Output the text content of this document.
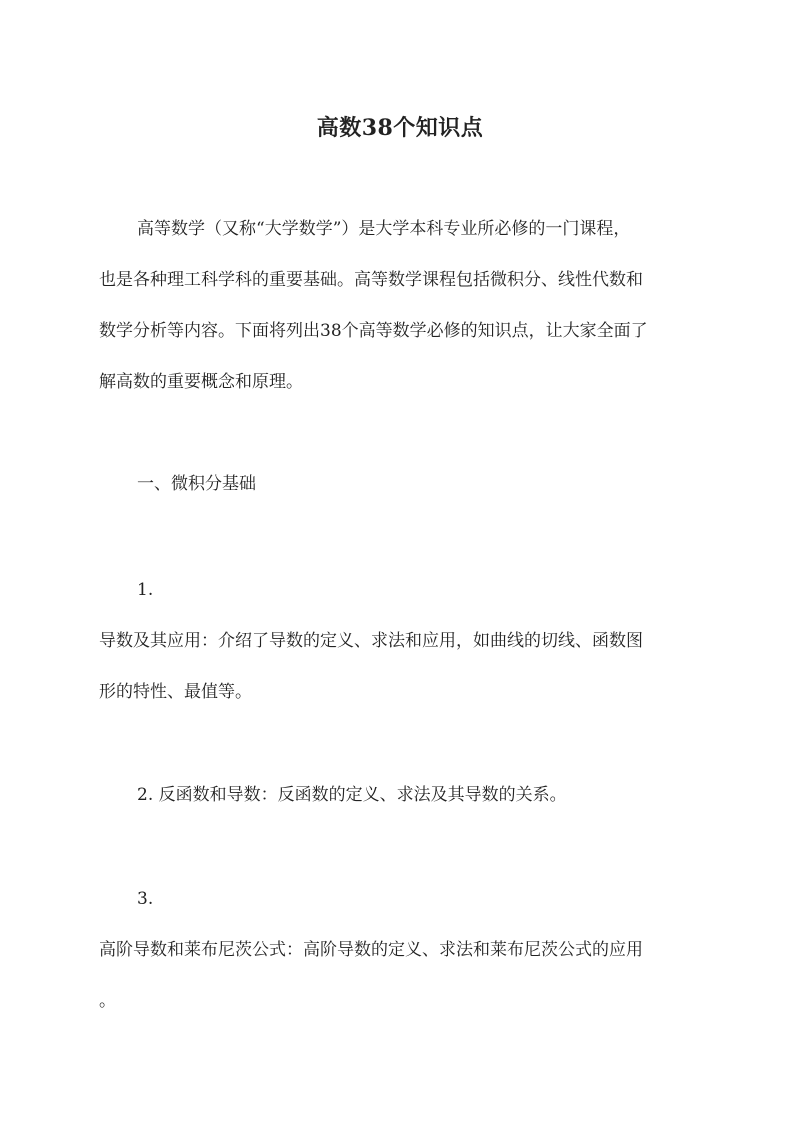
高数38个知识点

高等数学（又称“大学数学”）是大学本科专业所必修的一门课程，
也是各种理工科学科的重要基础。高等数学课程包括微积分、线性代数和
数学分析等内容。下面将列出38个高等数学必修的知识点，让大家全面了
解高数的重要概念和原理。

一、微积分基础

1.
导数及其应用：介绍了导数的定义、求法和应用，如曲线的切线、函数图
形的特性、最值等。

2. 反函数和导数：反函数的定义、求法及其导数的关系。

3.
高阶导数和莱布尼茨公式：高阶导数的定义、求法和莱布尼茨公式的应用
。
